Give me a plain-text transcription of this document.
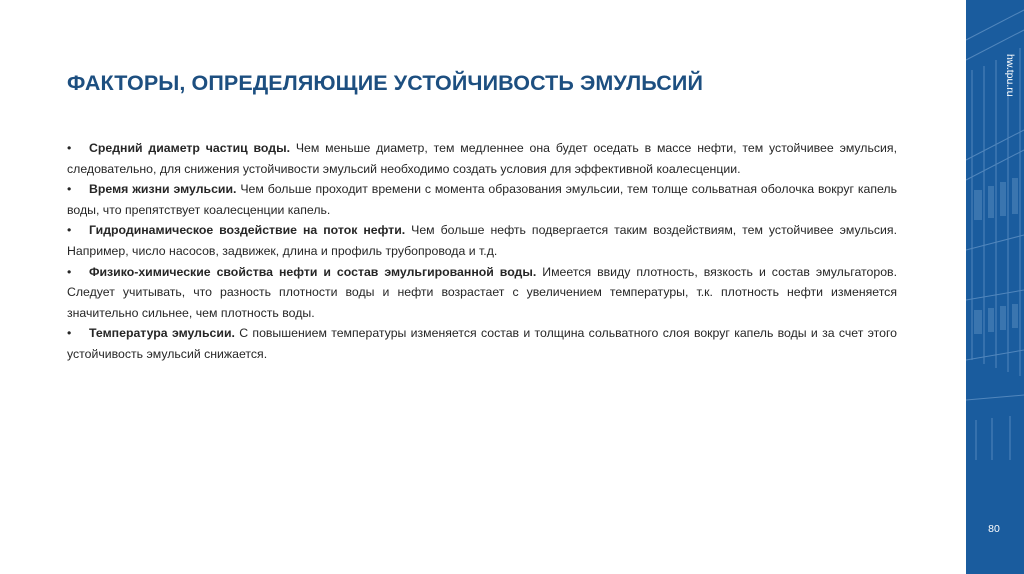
ФАКТОРЫ, ОПРЕДЕЛЯЮЩИЕ УСТОЙЧИВОСТЬ ЭМУЛЬСИЙ

• Средний диаметр частиц воды. Чем меньше диаметр, тем медленнее она будет оседать в массе нефти, тем устойчивее эмульсия, следовательно, для снижения устойчивости эмульсий необходимо создать условия для эффективной коалесценции.

• Время жизни эмульсии. Чем больше проходит времени с момента образования эмульсии, тем толще сольватная оболочка вокруг капель воды, что препятствует коалесценции капель.

• Гидродинамическое воздействие на поток нефти. Чем больше нефть подвергается таким воздействиям, тем устойчивее эмульсия. Например, число насосов, задвижек, длина и профиль трубопровода и т.д.

• Физико-химические свойства нефти и состав эмульгированной воды. Имеется ввиду плотность, вязкость и состав эмульгаторов. Следует учитывать, что разность плотности воды и нефти возрастает с увеличением температуры, т.к. плотность нефти изменяется значительно сильнее, чем плотность воды.

• Температура эмульсии. С повышением температуры изменяется состав и толщина сольватного слоя вокруг капель воды и за счет этого устойчивость эмульсий снижается.

hw.tpu.ru
80
